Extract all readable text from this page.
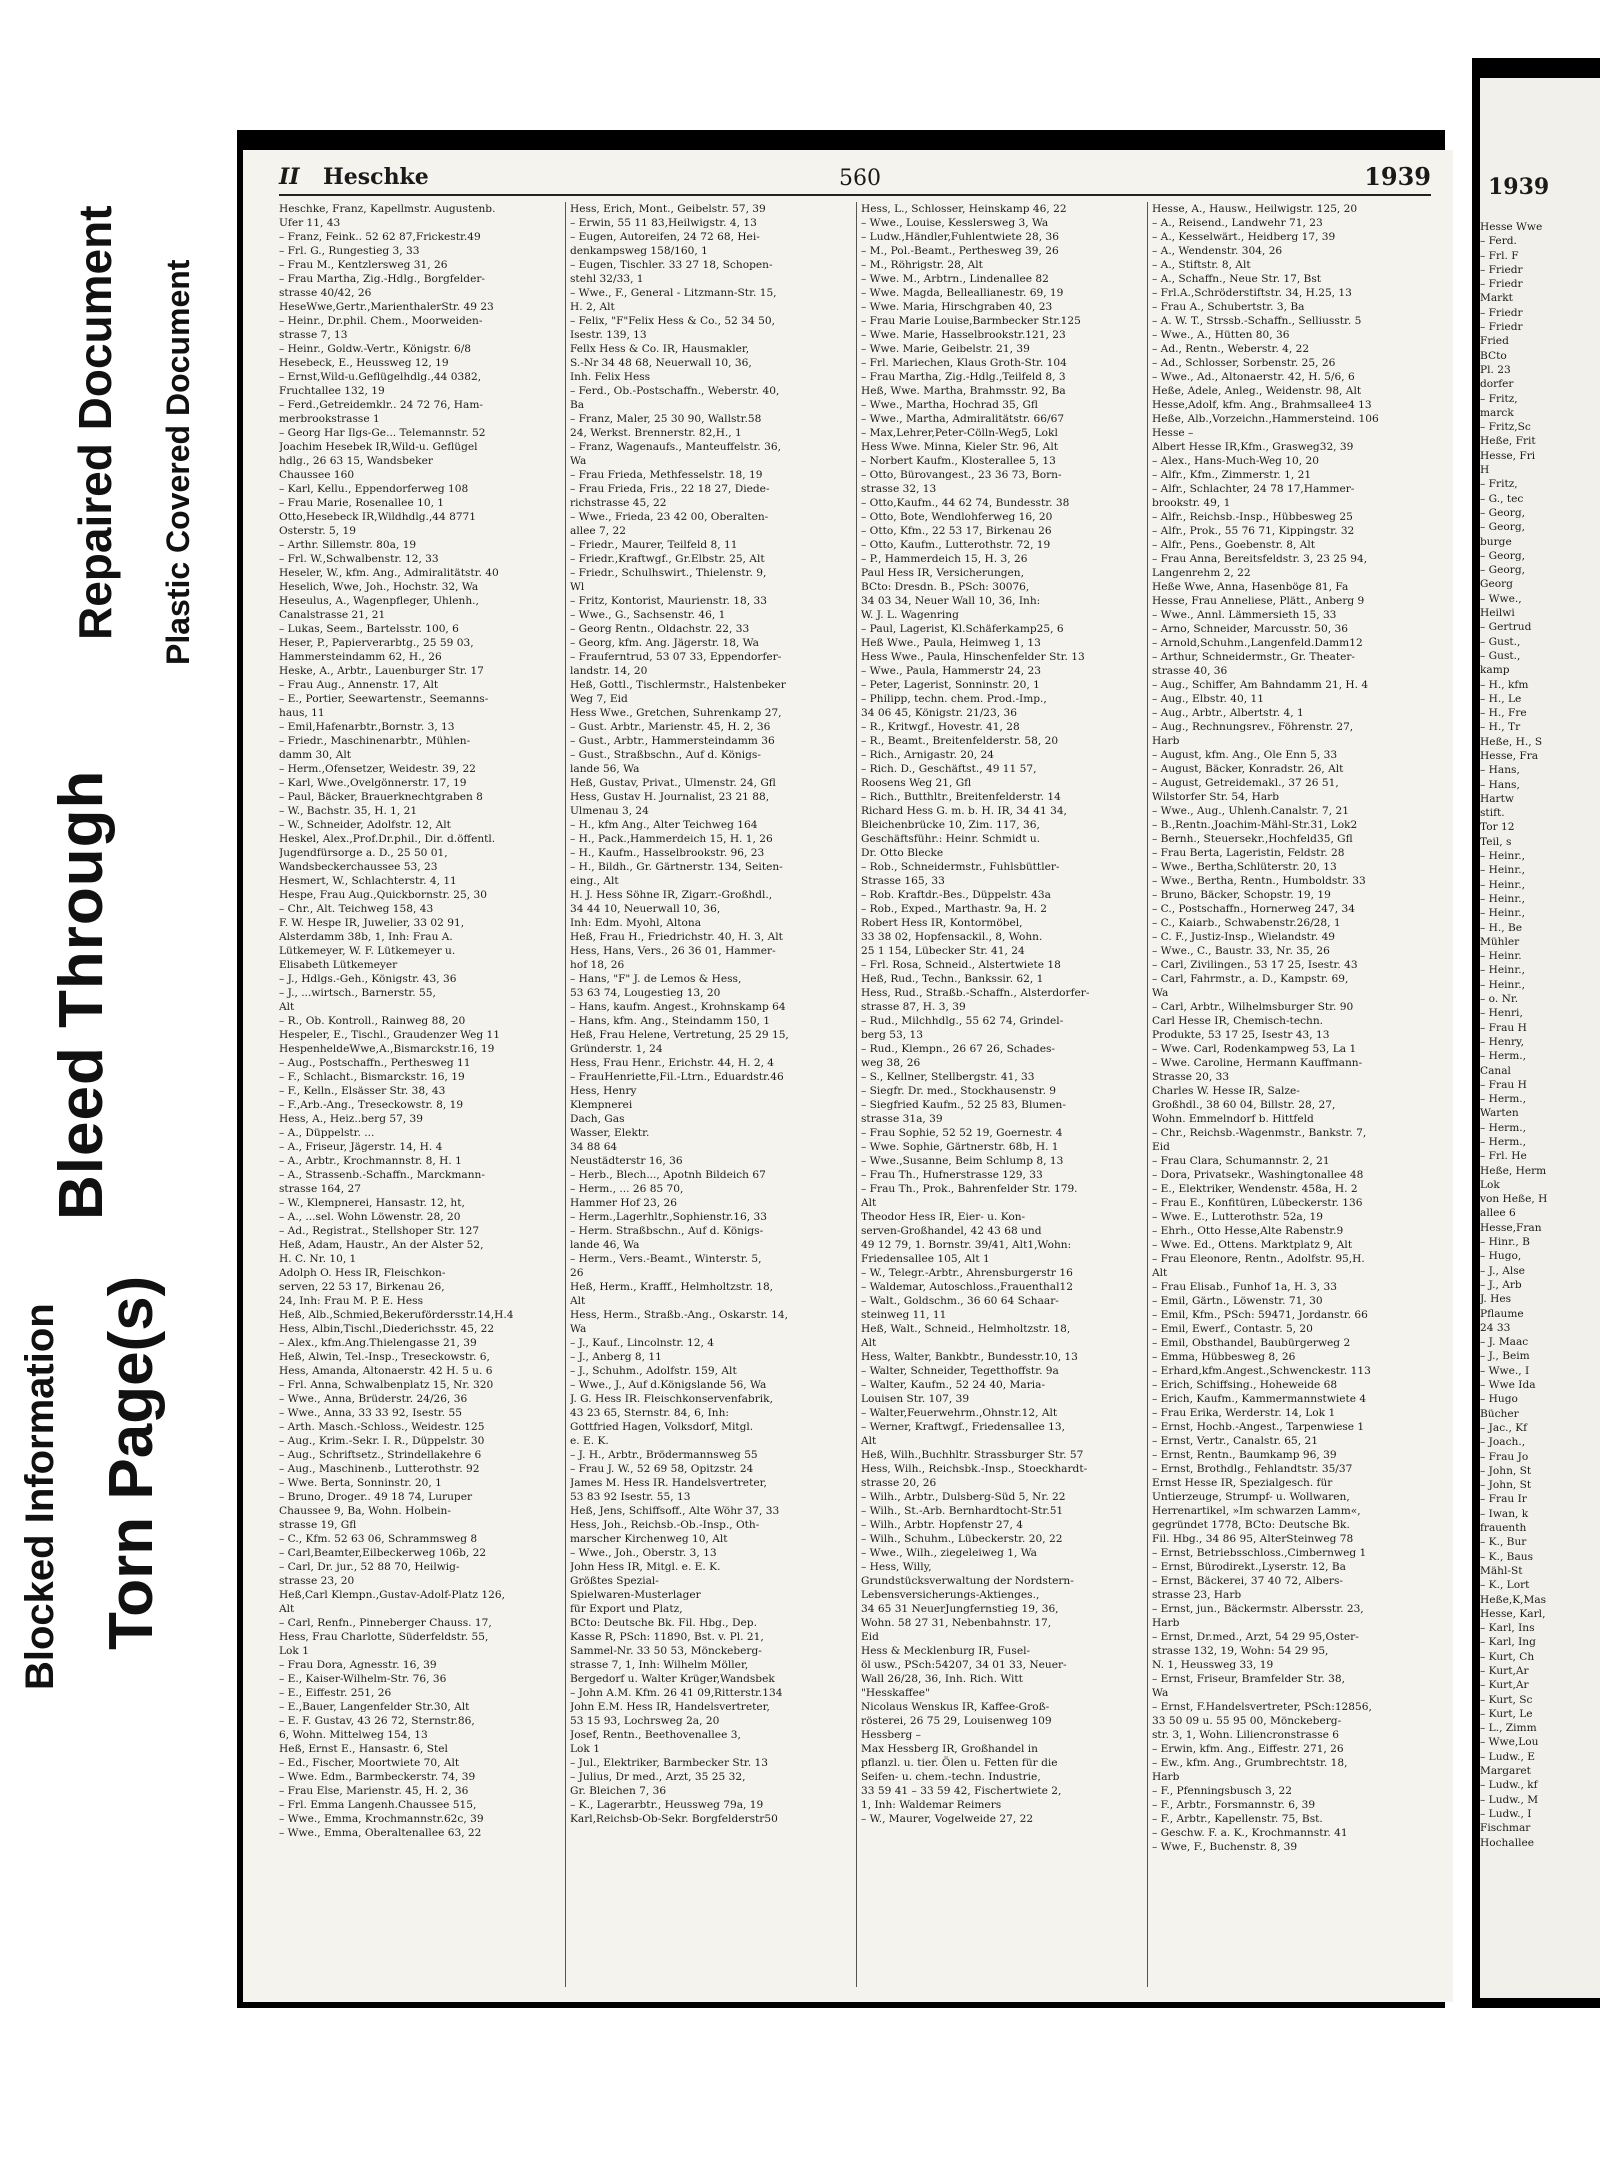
Blocked Information Torn Page(s)
Bleed Through
Repaired Document Plastic Covered Document
II Heschke	560	1939
Heschke, Franz, Kapellmstr. Augustenb.
Ufer 11, 43
– Franz, Feink.. 52 62 87,Frickestr.49
– Frl. G., Rungestieg 3, 33
– Frau M., Kentzlersweg 31, 26
– Frau Martha, Zig.-Hdlg., Borgfelder-
strasse 40/42, 26
HeseWwe,Gertr.,MarienthalerStr. 49 23
– Heinr., Dr.phil. Chem., Moorweiden-
strasse 7, 13
– Heinr., Goldw.-Vertr., Königstr. 6/8
Hesebeck, E., Heussweg 12, 19
– Ernst,Wild-u.Geflügelhdlg.,44 0382,
Fruchtallee 132, 19
– Ferd.,Getreidemklr.. 24 72 76, Ham-
merbrookstrasse 1
– Georg Har Ilgs-Ge... Telemannstr. 52
Joachim Hesebek IR,Wild-u. Geflügel
hdlg., 26 63 15, Wandsbeker
Chaussee 160
– Karl, Kellu., Eppendorferweg 108
– Frau Marie, Rosenallee 10, 1
Otto,Hesebeck IR,Wildhdlg.,44 8771
Osterstr. 5, 19
– Arthr. Sillemstr. 80a, 19
– Frl. W.,Schwalbenstr. 12, 33
Heseler, W., kfm. Ang., Admiralitätstr. 40
Heselich, Wwe, Joh., Hochstr. 32, Wa
Heseulus, A., Wagenpfleger, Uhlenh.,
Canalstrasse 21, 21
– Lukas, Seem., Bartelsstr. 100, 6
Heser, P., Papierverarbtg., 25 59 03,
Hammersteindamm 62, H., 26
Heske, A., Arbtr., Lauenburger Str. 17
– Frau Aug., Annenstr. 17, Alt
– E., Portier, Seewartenstr., Seemanns-
haus, 11
– Emil,Hafenarbtr.,Bornstr. 3, 13
– Friedr., Maschinenarbtr., Mühlen-
damm 30, Alt
– Herm.,Ofensetzer, Weidestr. 39, 22
– Karl, Wwe.,Ovelgönnerstr. 17, 19
– Paul, Bäcker, Brauerknechtgraben 8
– W., Bachstr. 35, H. 1, 21
– W., Schneider, Adolfstr. 12, Alt
Heskel, Alex.,Prof.Dr.phil., Dir. d.öffentl.
Jugendfürsorge a. D., 25 50 01,
Wandsbeckerchaussee 53, 23
Hesmert, W., Schlachterstr. 4, 11
Hespe, Frau Aug.,Quickbornstr. 25, 30
– Chr., Alt. Teichweg 158, 43
F. W. Hespe IR, Juwelier, 33 02 91,
Alsterdamm 38b, 1, Inh: Frau A.
Lütkemeyer, W. F. Lütkemeyer u.
Elisabeth Lütkemeyer
– J., Hdlgs.-Geh., Königstr. 43, 36
– J., ...wirtsch., Barnerstr. 55,
Alt
– R., Ob. Kontroll., Rainweg 88, 20
Hespeler, E., Tischl., Graudenzer Weg 11
HespenheldeWwe,A.,Bismarckstr.16, 19
– Aug., Postschaffn., Perthesweg 11
– F., Schlacht., Bismarckstr. 16, 19
– F., Kelln., Elsässer Str. 38, 43
– F.,Arb.-Ang., Treseckowstr. 8, 19
Hess, A., Heiz..berg 57, 39
– A., Düppelstr. ...
– A., Friseur, Jägerstr. 14, H. 4
– A., Arbtr., Krochmannstr. 8, H. 1
– A., Strassenb.-Schaffn., Marckmann-
strasse 164, 27
– W., Klempnerei, Hansastr. 12, ht,
– A., ...sel. Wohn Löwenstr. 28, 20
– Ad., Registrat., Stellshoper Str. 127
Heß, Adam, Haustr., An der Alster 52,
H. C. Nr. 10, 1
Adolph O. Hess IR, Fleischkon-
serven, 22 53 17, Birkenau 26,
24, Inh: Frau M. P. E. Hess
Heß, Alb.,Schmied,Bekerufördersstr.14,H.4
Hess, Albin,Tischl.,Diederichsstr. 45, 22
– Alex., kfm.Ang.Thielengasse 21, 39
Heß, Alwin, Tel.-Insp., Treseckowstr. 6,
Hess, Amanda, Altonaerstr. 42 H. 5 u. 6
– Frl. Anna, Schwalbenplatz 15, Nr. 320
– Wwe., Anna, Brüderstr. 24/26, 36
– Wwe., Anna, 33 33 92, Isestr. 55
– Arth. Masch.-Schloss., Weidestr. 125
– Aug., Krim.-Sekr. I. R., Düppelstr. 30
– Aug., Schriftsetz., Strindellakehre 6
– Aug., Maschinenb., Lutterothstr. 92
– Wwe. Berta, Sonninstr. 20, 1
– Bruno, Droger.. 49 18 74, Luruper
Chaussee 9, Ba, Wohn. Holbein-
strasse 19, Gfl
– C., Kfm. 52 63 06, Schrammsweg 8
– Carl,Beamter,Eilbeckerweg 106b, 22
– Carl, Dr. jur., 52 88 70, Heilwig-
strasse 23, 20
Heß,Carl Klempn.,Gustav-Adolf-Platz 126,
Alt
– Carl, Renfn., Pinneberger Chauss. 17,
Hess, Frau Charlotte, Süderfeldstr. 55,
Lok 1
– Frau Dora, Agnesstr. 16, 39
– E., Kaiser-Wilhelm-Str. 76, 36
– E., Eiffestr. 251, 26
– E.,Bauer, Langenfelder Str.30, Alt
– E. F. Gustav, 43 26 72, Sternstr.86,
6, Wohn. Mittelweg 154, 13
Heß, Ernst E., Hansastr. 6, Stel
– Ed., Fischer, Moortwiete 70, Alt
– Wwe. Edm., Barmbeckerstr. 74, 39
– Frau Else, Marienstr. 45, H. 2, 36
– Frl. Emma Langenh.Chaussee 515,
– Wwe., Emma, Krochmannstr.62c, 39
– Wwe., Emma, Oberaltenallee 63, 22
Hess, Erich, Mont., Geibelstr. 57, 39
– Erwin, 55 11 83,Heilwigstr. 4, 13
– Eugen, Autoreifen, 24 72 68, Hei-
denkampsweg 158/160, 1
– Eugen, Tischler. 33 27 18, Schopen-
stehl 32/33, 1
– Wwe., F., General - Litzmann-Str. 15,
H. 2, Alt
– Felix, "F"Felix Hess & Co., 52 34 50,
Isestr. 139, 13
Fellx Hess & Co. IR, Hausmakler,
S.-Nr 34 48 68, Neuerwall 10, 36,
Inh. Felix Hess
– Ferd., Ob.-Postschaffn., Weberstr. 40,
Ba
– Franz, Maler, 25 30 90, Wallstr.58
24, Werkst. Brennerstr. 82,H., 1
– Franz, Wagenaufs., Manteuffelstr. 36,
Wa
– Frau Frieda, Methfesselstr. 18, 19
– Frau Frieda, Fris., 22 18 27, Diede-
richstrasse 45, 22
– Wwe., Frieda, 23 42 00, Oberalten-
allee 7, 22
– Friedr., Maurer, Teilfeld 8, 11
– Friedr.,Kraftwgf., Gr.Elbstr. 25, Alt
– Friedr., Schulhswirt., Thielenstr. 9,
Wl
– Fritz, Kontorist, Maurienstr. 18, 33
– Wwe., G., Sachsenstr. 46, 1
– Georg Rentn., Oldachstr. 22, 33
– Georg, kfm. Ang. Jägerstr. 18, Wa
– Frauferntrud, 53 07 33, Eppendorfer-
landstr. 14, 20
Heß, Gottl., Tischlermstr., Halstenbeker
Weg 7, Eid
Hess Wwe., Gretchen, Suhrenkamp 27,
– Gust. Arbtr., Marienstr. 45, H. 2, 36
– Gust., Arbtr., Hammersteindamm 36
– Gust., Straßbschn., Auf d. Königs-
lande 56, Wa
Heß, Gustav, Privat., Ulmenstr. 24, Gfl
Hess, Gustav H. Journalist, 23 21 88,
Ulmenau 3, 24
– H., kfm Ang., Alter Teichweg 164
– H., Pack.,Hammerdeich 15, H. 1, 26
– H., Kaufm., Hasselbrookstr. 96, 23
– H., Bildh., Gr. Gärtnerstr. 134, Seiten-
eing., Alt
H. J. Hess Söhne IR, Zigarr.-Großhdl.,
34 44 10, Neuerwall 10, 36,
Inh: Edm. Myohl, Altona
Heß, Frau H., Friedrichstr. 40, H. 3, Alt
Hess, Hans, Vers., 26 36 01, Hammer-
hof 18, 26
– Hans, "F" J. de Lemos & Hess,
53 63 74, Lougestieg 13, 20
– Hans, kaufm. Angest., Krohnskamp 64
– Hans, kfm. Ang., Steindamm 150, 1
Heß, Frau Helene, Vertretung, 25 29 15,
Gründerstr. 1, 24
Hess, Frau Henr., Erichstr. 44, H. 2, 4
– FrauHenriette,Fil.-Ltrn., Eduardstr.46
Hess, Henry
Klempnerei
Dach, Gas
Wasser, Elektr.
34 88 64
Neustädterstr 16, 36
– Herb., Blech..., Apotnh Bildeich 67
– Herm., ... 26 85 70,
Hammer Hof 23, 26
– Herm.,Lagerhltr.,Sophienstr.16, 33
– Herm. Straßbschn., Auf d. Königs-
lande 46, Wa
– Herm., Vers.-Beamt., Winterstr. 5,
26
Heß, Herm., Krafff., Helmholtzstr. 18,
Alt
Hess, Herm., Straßb.-Ang., Oskarstr. 14,
Wa
– J., Kauf., Lincolnstr. 12, 4
– J., Anberg 8, 11
– J., Schuhm., Adolfstr. 159, Alt
– Wwe., J., Auf d.Königslande 56, Wa
J. G. Hess IR. Fleischkonservenfabrik,
43 23 65, Sternstr. 84, 6, Inh:
Gottfried Hagen, Volksdorf, Mitgl.
e. E. K.
– J. H., Arbtr., Brödermannsweg 55
– Frau J. W., 52 69 58, Opitzstr. 24
James M. Hess IR. Handelsvertreter,
53 83 92 Isestr. 55, 13
Heß, Jens, Schiffsoff., Alte Wöhr 37, 33
Hess, Joh., Reichsb.-Ob.-Insp., Oth-
marscher Kirchenweg 10, Alt
– Wwe., Joh., Oberstr. 3, 13
John Hess IR, Mitgl. e. E. K.
Größtes Spezial-
Spielwaren-Musterlager
für Export und Platz,
BCto: Deutsche Bk. Fil. Hbg., Dep.
Kasse R, PSch: 11890, Bst. v. Pl. 21,
Sammel-Nr. 33 50 53, Mönckeberg-
strasse 7, 1, Inh: Wilhelm Möller,
Bergedorf u. Walter Krüger,Wandsbek
– John A.M. Kfm. 26 41 09,Ritterstr.134
John E.M. Hess IR, Handelsvertreter,
53 15 93, Lochrsweg 2a, 20
Josef, Rentn., Beethovenallee 3,
Lok 1
– Jul., Elektriker, Barmbecker Str. 13
– Julius, Dr med., Arzt, 35 25 32,
Gr. Bleichen 7, 36
– K., Lagerarbtr., Heussweg 79a, 19
Karl,Reichsb-Ob-Sekr. Borgfelderstr50
Hess, L., Schlosser, Heinskamp 46, 22
– Wwe., Louise, Kesslersweg 3, Wa
– Ludw.,Händler,Fuhlentwiete 28, 36
– M., Pol.-Beamt., Perthesweg 39, 26
– M., Röhrigstr. 28, Alt
– Wwe. M., Arbtrn., Lindenallee 82
– Wwe. Magda, Belleallianestr. 69, 19
– Wwe. Maria, Hirschgraben 40, 23
– Frau Marie Louise,Barmbecker Str.125
– Wwe. Marie, Hasselbrookstr.121, 23
– Wwe. Marie, Geibelstr. 21, 39
– Frl. Mariechen, Klaus Groth-Str. 104
– Frau Martha, Zig.-Hdlg.,Teilfeld 8, 3
Heß, Wwe. Martha, Brahmsstr. 92, Ba
– Wwe., Martha, Hochrad 35, Gfl
– Wwe., Martha, Admiralitätstr. 66/67
– Max,Lehrer,Peter-Cölln-Weg5, Lokl
Hess Wwe. Minna, Kieler Str. 96, Alt
– Norbert Kaufm., Klosterallee 5, 13
– Otto, Bürovangest., 23 36 73, Born-
strasse 32, 13
– Otto,Kaufm., 44 62 74, Bundesstr. 38
– Otto, Bote, Wendlohferweg 16, 20
– Otto, Kfm., 22 53 17, Birkenau 26
– Otto, Kaufm., Lutterothstr. 72, 19
– P., Hammerdeich 15, H. 3, 26
Paul Hess IR, Versicherungen,
BCto: Dresdn. B., PSch: 30076,
34 03 34, Neuer Wall 10, 36, Inh:
W. J. L. Wagenring
– Paul, Lagerist, Kl.Schäferkamp25, 6
Heß Wwe., Paula, Heimweg 1, 13
Hess Wwe., Paula, Hinschenfelder Str. 13
– Wwe., Paula, Hammerstr 24, 23
– Peter, Lagerist, Sonninstr. 20, 1
– Philipp, techn. chem. Prod.-Imp.,
34 06 45, Königstr. 21/23, 36
– R., Kritwgf., Hovestr. 41, 28
– R., Beamt., Breitenfelderstr. 58, 20
– Rich., Arnigastr. 20, 24
– Rich. D., Geschäftst., 49 11 57,
Roosens Weg 21, Gfl
– Rich., Butthltr., Breitenfelderstr. 14
Richard Hess G. m. b. H. IR, 34 41 34,
Bleichenbrücke 10, Zim. 117, 36,
Geschäftsführ.: Heinr. Schmidt u.
Dr. Otto Blecke
– Rob., Schneidermstr., Fuhlsbüttler-
Strasse 165, 33
– Rob. Kraftdr.-Bes., Düppelstr. 43a
– Rob., Exped., Marthastr. 9a, H. 2
Robert Hess IR, Kontormöbel,
33 38 02, Hopfensackil., 8, Wohn.
25 1 154, Lübecker Str. 41, 24
– Frl. Rosa, Schneid., Alstertwiete 18
Heß, Rud., Techn., Bankssir. 62, 1
Hess, Rud., Straßb.-Schaffn., Alsterdorfer-
strasse 87, H. 3, 39
– Rud., Milchhdlg., 55 62 74, Grindel-
berg 53, 13
– Rud., Klempn., 26 67 26, Schades-
weg 38, 26
– S., Kellner, Stellbergstr. 41, 33
– Siegfr. Dr. med., Stockhausenstr. 9
– Siegfried Kaufm., 52 25 83, Blumen-
strasse 31a, 39
– Frau Sophie, 52 52 19, Goernestr. 4
– Wwe. Sophie, Gärtnerstr. 68b, H. 1
– Wwe.,Susanne, Beim Schlump 8, 13
– Frau Th., Hufnerstrasse 129, 33
– Frau Th., Prok., Bahrenfelder Str. 179.
Alt
Theodor Hess IR, Eier- u. Kon-
serven-Großhandel, 42 43 68 und
49 12 79, 1. Bornstr. 39/41, Alt1,Wohn:
Friedensallee 105, Alt 1
– W., Telegr.-Arbtr., Ahrensburgerstr 16
– Waldemar, Autoschloss.,Frauenthal12
– Walt., Goldschm., 36 60 64 Schaar-
steinweg 11, 11
Heß, Walt., Schneid., Helmholtzstr. 18,
Alt
Hess, Walter, Bankbtr., Bundesstr.10, 13
– Walter, Schneider, Tegetthoffstr. 9a
– Walter, Kaufm., 52 24 40, Maria-
Louisen Str. 107, 39
– Walter,Feuerwehrm.,Ohnstr.12, Alt
– Werner, Kraftwgf., Friedensallee 13,
Alt
Heß, Wilh.,Buchhltr. Strassburger Str. 57
Hess, Wilh., Reichsbk.-Insp., Stoeckhardt-
strasse 20, 26
– Wilh., Arbtr., Dulsberg-Süd 5, Nr. 22
– Wilh., St.-Arb. Bernhardtocht-Str.51
– Wilh., Arbtr. Hopfenstr 27, 4
– Wilh., Schuhm., Lübeckerstr. 20, 22
– Wwe., Wilh., ziegeleiweg 1, Wa
– Hess, Willy,
Grundstücksverwaltung der Nordstern-
Lebensversicherungs-Aktienges.,
34 65 31 NeuerJungfernstieg 19, 36,
Wohn. 58 27 31, Nebenbahnstr. 17,
Eid
Hess & Mecklenburg IR, Fusel-
öl usw., PSch:54207, 34 01 33, Neuer-
Wall 26/28, 36, Inh. Rich. Witt
"Hesskaffee"
Nicolaus Wenskus IR, Kaffee-Groß-
rösterei, 26 75 29, Louisenweg 109
Hessberg –
Max Hessberg IR, Großhandel in
pflanzl. u. tier. Ölen u. Fetten für die
Seifen- u. chem.-techn. Industrie,
33 59 41 – 33 59 42, Fischertwiete 2,
1, Inh: Waldemar Reimers
– W., Maurer, Vogelweide 27, 22
Hesse, A., Hausw., Heilwigstr. 125, 20
– A., Reisend., Landwehr 71, 23
– A., Kesselwärt., Heidberg 17, 39
– A., Wendenstr. 304, 26
– A., Stiftstr. 8, Alt
– A., Schaffn., Neue Str. 17, Bst
– Frl.A.,Schröderstiftstr. 34, H.25, 13
– Frau A., Schubertstr. 3, Ba
– A. W. T., Strssb.-Schaffn., Selliusstr. 5
– Wwe., A., Hütten 80, 36
– Ad., Rentn., Weberstr. 4, 22
– Ad., Schlosser, Sorbenstr. 25, 26
– Wwe., Ad., Altonaerstr. 42, H. 5/6, 6
Heße, Adele, Anleg., Weidenstr. 98, Alt
Hesse,Adolf, kfm. Ang., Brahmsallee4 13
Heße, Alb.,Vorzeichn.,Hammersteind. 106
Hesse –
Albert Hesse IR,Kfm., Grasweg32, 39
– Alex., Hans-Much-Weg 10, 20
– Alfr., Kfm., Zimmerstr. 1, 21
– Alfr., Schlachter, 24 78 17,Hammer-
brookstr. 49, 1
– Alfr., Reichsb.-Insp., Hübbesweg 25
– Alfr., Prok., 55 76 71, Kippingstr. 32
– Alfr., Pens., Goebenstr. 8, Alt
– Frau Anna, Bereitsfeldstr. 3, 23 25 94,
Langenrehm 2, 22
Heße Wwe, Anna, Hasenböge 81, Fa
Hesse, Frau Anneliese, Plätt., Anberg 9
– Wwe., Annl. Lämmersieth 15, 33
– Arno, Schneider, Marcusstr. 50, 36
– Arnold,Schuhm.,Langenfeld.Damm12
– Arthur, Schneidermstr., Gr. Theater-
strasse 40, 36
– Aug., Schiffer, Am Bahndamm 21, H. 4
– Aug., Elbstr. 40, 11
– Aug., Arbtr., Albertstr. 4, 1
– Aug., Rechnungsrev., Föhrenstr. 27,
Harb
– August, kfm. Ang., Ole Enn 5, 33
– August, Bäcker, Konradstr. 26, Alt
– August, Getreidemakl., 37 26 51,
Wilstorfer Str. 54, Harb
– Wwe., Aug., Uhlenh.Canalstr. 7, 21
– B.,Rentn.,Joachim-Mähl-Str.31, Lok2
– Bernh., Steuersekr.,Hochfeld35, Gfl
– Frau Berta, Lageristin, Feldstr. 28
– Wwe., Bertha,Schlüterstr. 20, 13
– Wwe., Bertha, Rentn., Humboldstr. 33
– Bruno, Bäcker, Schopstr. 19, 19
– C., Postschaffn., Hornerweg 247, 34
– C., Kaiarb., Schwabenstr.26/28, 1
– C. F., Justiz-Insp., Wielandstr. 49
– Wwe., C., Baustr. 33, Nr. 35, 26
– Carl, Zivilingen., 53 17 25, Isestr. 43
– Carl, Fahrmstr., a. D., Kampstr. 69,
Wa
– Carl, Arbtr., Wilhelmsburger Str. 90
Carl Hesse IR, Chemisch-techn.
Produkte, 53 17 25, Isestr 43, 13
– Wwe. Carl, Rodenkampweg 53, La 1
– Wwe. Caroline, Hermann Kauffmann-
Strasse 20, 33
Charles W. Hesse IR, Salze-
Großhdl., 38 60 04, Billstr. 28, 27,
Wohn. Emmelndorf b. Hittfeld
– Chr., Reichsb.-Wagenmstr., Bankstr. 7,
Eid
– Frau Clara, Schumannstr. 2, 21
– Dora, Privatsekr., Washingtonallee 48
– E., Elektriker, Wendenstr. 458a, H. 2
– Frau E., Konfitüren, Lübeckerstr. 136
– Wwe. E., Lutterothstr. 52a, 19
– Ehrh., Otto Hesse,Alte Rabenstr.9
– Wwe. Ed., Ottens. Marktplatz 9, Alt
– Frau Eleonore, Rentn., Adolfstr. 95,H.
Alt
– Frau Elisab., Funhof 1a, H. 3, 33
– Emil, Gärtn., Löwenstr. 71, 30
– Emil, Kfm., PSch: 59471, Jordanstr. 66
– Emil, Ewerf., Contastr. 5, 20
– Emil, Obsthandel, Baubürgerweg 2
– Emma, Hübbesweg 8, 26
– Erhard,kfm.Angest.,Schwenckestr. 113
– Erich, Schiffsing., Hoheweide 68
– Erich, Kaufm., Kammermannstwiete 4
– Frau Erika, Werderstr. 14, Lok 1
– Ernst, Hochb.-Angest., Tarpenwiese 1
– Ernst, Vertr., Canalstr. 65, 21
– Ernst, Rentn., Baumkamp 96, 39
– Ernst, Brothdlg., Fehlandtstr. 35/37
Ernst Hesse IR, Spezialgesch. für
Untierzeuge, Strumpf- u. Wollwaren,
Herrenartikel, »Im schwarzen Lamm«,
gegründet 1778, BCto: Deutsche Bk.
Fil. Hbg., 34 86 95, AlterSteinweg 78
– Ernst, Betriebsschloss.,Cimbernweg 1
– Ernst, Bürodirekt.,Lyserstr. 12, Ba
– Ernst, Bäckerei, 37 40 72, Albers-
strasse 23, Harb
– Ernst, jun., Bäckermstr. Albersstr. 23,
Harb
– Ernst, Dr.med., Arzt, 54 29 95,Oster-
strasse 132, 19, Wohn: 54 29 95,
N. 1, Heussweg 33, 19
– Ernst, Friseur, Bramfelder Str. 38,
Wa
– Ernst, F.Handelsvertreter, PSch:12856,
33 50 09 u. 55 95 00, Mönckeberg-
str. 3, 1, Wohn. Liliencronstrasse 6
– Erwin, kfm. Ang., Eiffestr. 271, 26
– Ew., kfm. Ang., Grumbrechtstr. 18,
Harb
– F., Pfenningsbusch 3, 22
– F., Arbtr., Forsmannstr. 6, 39
– F., Arbtr., Kapellenstr. 75, Bst.
– Geschw. F. a. K., Krochmannstr. 41
– Wwe, F., Buchenstr. 8, 39
1939
Hesse Wwe
– Ferd.
– Frl. F
– Friedr
– Friedr
Markt
– Friedr
– Friedr
Fried
BCto
Pl. 23
dorfer
– Fritz,
marck
– Fritz,Sc
Heße, Frit
Hesse, Fri
H
– Fritz,
– G., tec
– Georg,
– Georg,
burge
– Georg,
– Georg,
Georg
– Wwe.,
Heilwi
– Gertrud
– Gust.,
– Gust.,
kamp
– H., kfm
– H., Le
– H., Fre
– H., Tr
Heße, H., S
Hesse, Fra
– Hans,
– Hans,
Hartw
stift.
Tor 12
Teil, s
– Heinr.,
– Heinr.,
– Heinr.,
– Heinr.,
– Heinr.,
– H., Be
Mühler
– Heinr.
– Heinr.,
– Heinr.,
– o. Nr.
– Henri,
– Frau H
– Henry,
– Herm.,
Canal
– Frau H
– Herm.,
Warten
– Herm.,
– Herm.,
– Frl. He
Heße, Herm
Lok
von Heße, H
allee 6
Hesse,Fran
– Hinr., B
– Hugo,
– J., Alse
– J., Arb
J. Hes
Pflaume
24 33
– J. Maac
– J., Beim
– Wwe., I
– Wwe Ida
– Hugo
Bücher
– Jac., Kf
– Joach.,
– Frau Jo
– John, St
– John, St
– Frau Ir
– Iwan, k
frauenth
– K., Bur
– K., Baus
Mähl-St
– K., Lort
Heße,K,Mas
Hesse, Karl,
– Karl, Ins
– Karl, Ing
– Kurt, Ch
– Kurt,Ar
– Kurt,Ar
– Kurt, Sc
– Kurt, Le
– L., Zimm
– Wwe,Lou
– Ludw., E
Margaret
– Ludw., kf
– Ludw., M
– Ludw., I
Fischmar
Hochallee
